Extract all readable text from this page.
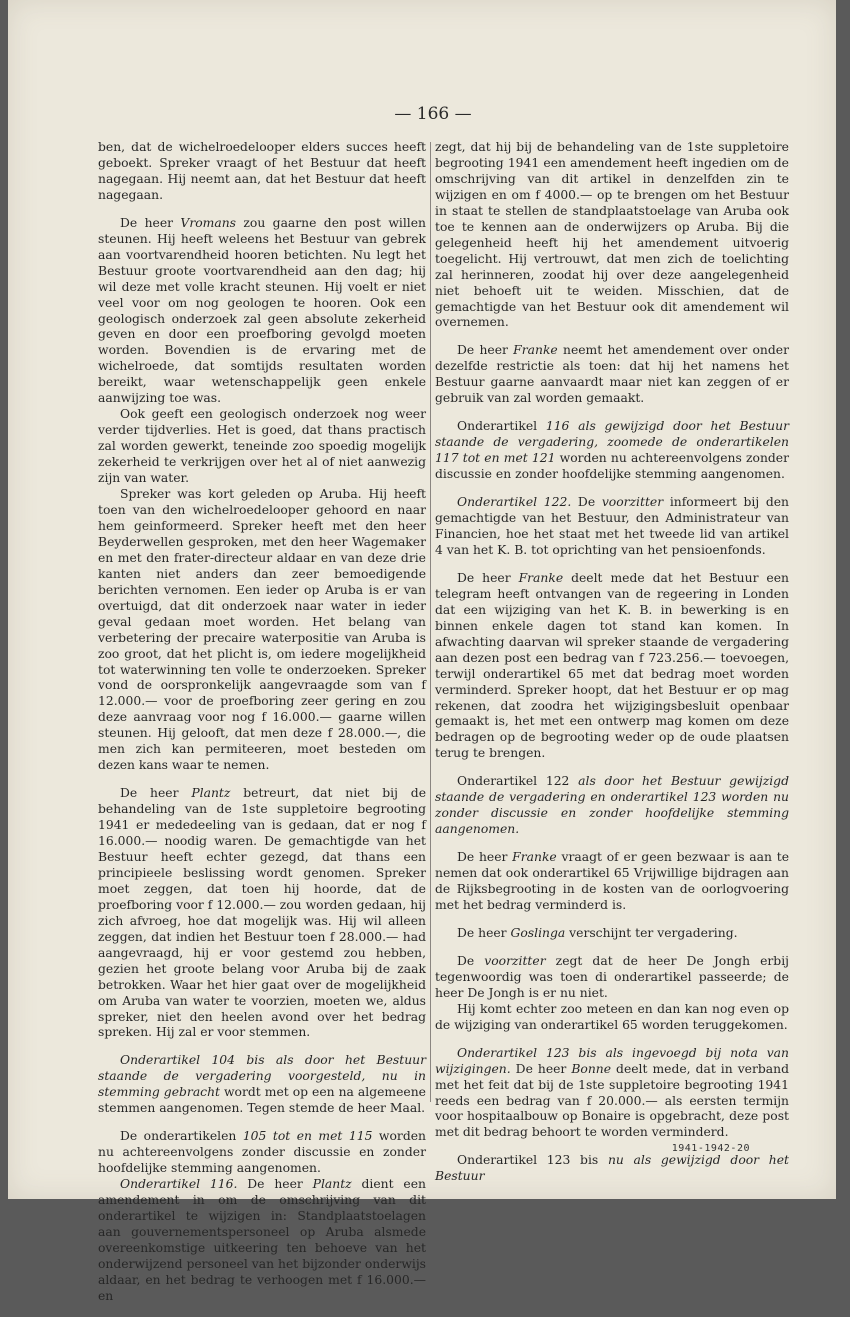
— 166 —

ben, dat de wichelroedelooper elders succes heeft geboekt. Spreker vraagt of het Bestuur dat heeft nagegaan. Hij neemt aan, dat het Bestuur dat heeft nagegaan.

De heer Vromans zou gaarne den post willen steunen. Hij heeft weleens het Bestuur van gebrek aan voortvarendheid hooren betichten. Nu legt het Bestuur groote voortvarendheid aan den dag; hij wil deze met volle kracht steunen. Hij voelt er niet veel voor om nog geologen te hooren. Ook een geologisch onderzoek zal geen absolute zekerheid geven en door een proefboring gevolgd moeten worden. Bovendien is de ervaring met de wichelroede, dat somtijds resultaten worden bereikt, waar wetenschappelijk geen enkele aanwijzing toe was.

Ook geeft een geologisch onderzoek nog weer verder tijdverlies. Het is goed, dat thans practisch zal worden gewerkt, teneinde zoo spoedig mogelijk zekerheid te verkrijgen over het al of niet aanwezig zijn van water.

Spreker was kort geleden op Aruba. Hij heeft toen van den wichelroedelooper gehoord en naar hem geinformeerd. Spreker heeft met den heer Beyderwellen gesproken, met den heer Wagemaker en met den frater-directeur aldaar en van deze drie kanten niet anders dan zeer bemoedigende berichten vernomen. Een ieder op Aruba is er van overtuigd, dat dit onderzoek naar water in ieder geval gedaan moet worden. Het belang van verbetering der precaire waterpositie van Aruba is zoo groot, dat het plicht is, om iedere mogelijkheid tot waterwinning ten volle te onderzoeken. Spreker vond de oorspronkelijk aangevraagde som van f 12.000.— voor de proefboring zeer gering en zou deze aanvraag voor nog f 16.000.— gaarne willen steunen. Hij gelooft, dat men deze f 28.000.—, die men zich kan permiteeren, moet besteden om dezen kans waar te nemen.

De heer Plantz betreurt, dat niet bij de behandeling van de 1ste suppletoire begrooting 1941 er mededeeling van is gedaan, dat er nog f 16.000.— noodig waren. De gemachtigde van het Bestuur heeft echter gezegd, dat thans een principieele beslissing wordt genomen. Spreker moet zeggen, dat toen hij hoorde, dat de proefboring voor f 12.000.— zou worden gedaan, hij zich afvroeg, hoe dat mogelijk was. Hij wil alleen zeggen, dat indien het Bestuur toen f 28.000.— had aangevraagd, hij er voor gestemd zou hebben, gezien het groote belang voor Aruba bij de zaak betrokken. Waar het hier gaat over de mogelijkheid om Aruba van water te voorzien, moeten we, aldus spreker, niet den heelen avond over het bedrag spreken. Hij zal er voor stemmen.

Onderartikel 104 bis als door het Bestuur staande de vergadering voorgesteld, nu in stemming gebracht wordt met op een na algemeene stemmen aangenomen. Tegen stemde de heer Maal.

De onderartikelen 105 tot en met 115 worden nu achtereenvolgens zonder discussie en zonder hoofdelijke stemming aangenomen.

Onderartikel 116. De heer Plantz dient een amendement in om de omschrijving van dit onderartikel te wijzigen in: Standplaatstoelagen aan gouvernementspersoneel op Aruba alsmede overeenkomstige uitkeering ten behoeve van het onderwijzend personeel van het bijzonder onderwijs aldaar, en het bedrag te verhoogen met f 16.000.— en

zegt, dat hij bij de behandeling van de 1ste suppletoire begrooting 1941 een amendement heeft ingedien om de omschrijving van dit artikel in denzelfden zin te wijzigen en om f 4000.— op te brengen om het Bestuur in staat te stellen de standplaatstoelage van Aruba ook toe te kennen aan de onderwijzers op Aruba. Bij die gelegenheid heeft hij het amendement uitvoerig toegelicht. Hij vertrouwt, dat men zich de toelichting zal herinneren, zoodat hij over deze aangelegenheid niet behoeft uit te weiden. Misschien, dat de gemachtigde van het Bestuur ook dit amendement wil overnemen.

De heer Franke neemt het amendement over onder dezelfde restrictie als toen: dat hij het namens het Bestuur gaarne aanvaardt maar niet kan zeggen of er gebruik van zal worden gemaakt.

Onderartikel 116 als gewijzigd door het Bestuur staande de vergadering, zoomede de onderartikelen 117 tot en met 121 worden nu achtereenvolgens zonder discussie en zonder hoofdelijke stemming aangenomen.

Onderartikel 122. De voorzitter informeert bij den gemachtigde van het Bestuur, den Administrateur van Financien, hoe het staat met het tweede lid van artikel 4 van het K. B. tot oprichting van het pensioenfonds.

De heer Franke deelt mede dat het Bestuur een telegram heeft ontvangen van de regeering in Londen dat een wijziging van het K. B. in bewerking is en binnen enkele dagen tot stand kan komen. In afwachting daarvan wil spreker staande de vergadering aan dezen post een bedrag van f 723.256.— toevoegen, terwijl onderartikel 65 met dat bedrag moet worden verminderd. Spreker hoopt, dat het Bestuur er op mag rekenen, dat zoodra het wijzigingsbesluit openbaar gemaakt is, het met een ontwerp mag komen om deze bedragen op de begrooting weder op de oude plaatsen terug te brengen.

Onderartikel 122 als door het Bestuur gewijzigd staande de vergadering en onderartikel 123 worden nu zonder discussie en zonder hoofdelijke stemming aangenomen.

De heer Franke vraagt of er geen bezwaar is aan te nemen dat ook onderartikel 65 Vrijwillige bijdragen aan de Rijksbegrooting in de kosten van de oorlogvoering met het bedrag verminderd is.

De heer Goslinga verschijnt ter vergadering.

De voorzitter zegt dat de heer De Jongh erbij tegenwoordig was toen di onderartikel passeerde; de heer De Jongh is er nu niet.

Hij komt echter zoo meteen en dan kan nog even op de wijziging van onderartikel 65 worden teruggekomen.

Onderartikel 123 bis als ingevoegd bij nota van wijzigingen. De heer Bonne deelt mede, dat in verband met het feit dat bij de 1ste suppletoire begrooting 1941 reeds een bedrag van f 20.000.— als eersten termijn voor hospitaalbouw op Bonaire is opgebracht, deze post met dit bedrag behoort te worden verminderd.

Onderartikel 123 bis nu als gewijzigd door het Bestuur

1941-1942-20
